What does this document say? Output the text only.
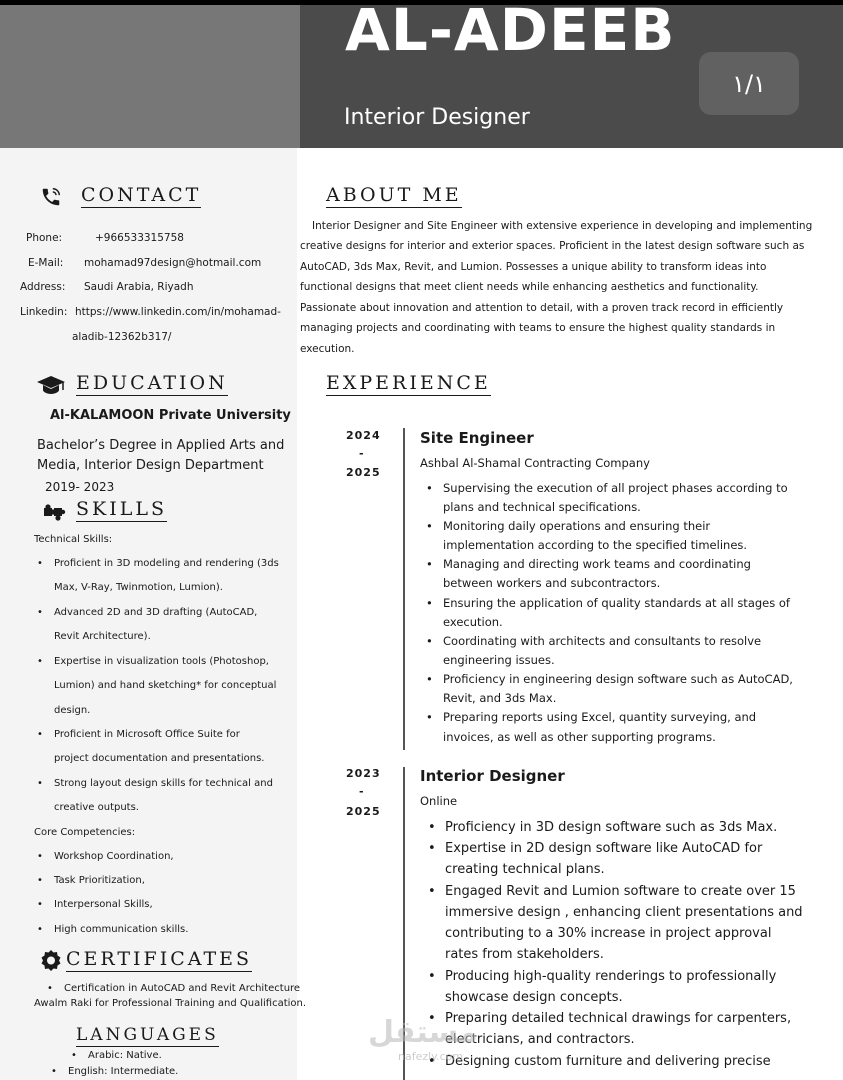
AL-ADEEB
Interior Designer
١/١
CONTACT
Phone:	+966533315758
E-Mail: mohamad97design@hotmail.com
Address: Saudi Arabia, Riyadh
Linkedin: https://www.linkedin.com/in/mohamad-
aladib-12362b317/
ABOUT ME
Interior Designer and Site Engineer with extensive experience in developing and implementing
creative designs for interior and exterior spaces. Proficient in the latest design software such as
AutoCAD, 3ds Max, Revit, and Lumion. Possesses a unique ability to transform ideas into
functional designs that meet client needs while enhancing aesthetics and functionality.
Passionate about innovation and attention to detail, with a proven track record in efficiently
managing projects and coordinating with teams to ensure the highest quality standards in
execution.
EDUCATION
Al-KALAMOON Private University
Bachelor’s Degree in Applied Arts and
Media, Interior Design Department
2019- 2023
SKILLS
Technical Skills:
• Proficient in 3D modeling and rendering (3ds
Max, V-Ray, Twinmotion, Lumion).
• Advanced 2D and 3D drafting (AutoCAD,
Revit Architecture).
• Expertise in visualization tools (Photoshop,
Lumion) and hand sketching* for conceptual
design.
• Proficient in Microsoft Office Suite for
project documentation and presentations.
• Strong layout design skills for technical and
creative outputs.
Core Competencies:
• Workshop Coordination,
• Task Prioritization,
• Interpersonal Skills,
• High communication skills.
CERTIFICATES
• Certification in AutoCAD and Revit Architecture
Awalm Raki for Professional Training and Qualification.
LANGUAGES
• Arabic: Native.
• English: Intermediate.
EXPERIENCE
2024
-
2025
Site Engineer
Ashbal Al-Shamal Contracting Company
• Supervising the execution of all project phases according to
plans and technical specifications.
• Monitoring daily operations and ensuring their
implementation according to the specified timelines.
• Managing and directing work teams and coordinating
between workers and subcontractors.
• Ensuring the application of quality standards at all stages of
execution.
• Coordinating with architects and consultants to resolve
engineering issues.
• Proficiency in engineering design software such as AutoCAD,
Revit, and 3ds Max.
• Preparing reports using Excel, quantity surveying, and
invoices, as well as other supporting programs.
2023
-
2025
Interior Designer
Online
• Proficiency in 3D design software such as 3ds Max.
• Expertise in 2D design software like AutoCAD for
creating technical plans.
• Engaged Revit and Lumion software to create over 15
immersive design , enhancing client presentations and
contributing to a 30% increase in project approval
rates from stakeholders.
• Producing high-quality renderings to professionally
showcase design concepts.
• Preparing detailed technical drawings for carpenters,
electricians, and contractors.
• Designing custom furniture and delivering precise
مستقل
nafezly.com
